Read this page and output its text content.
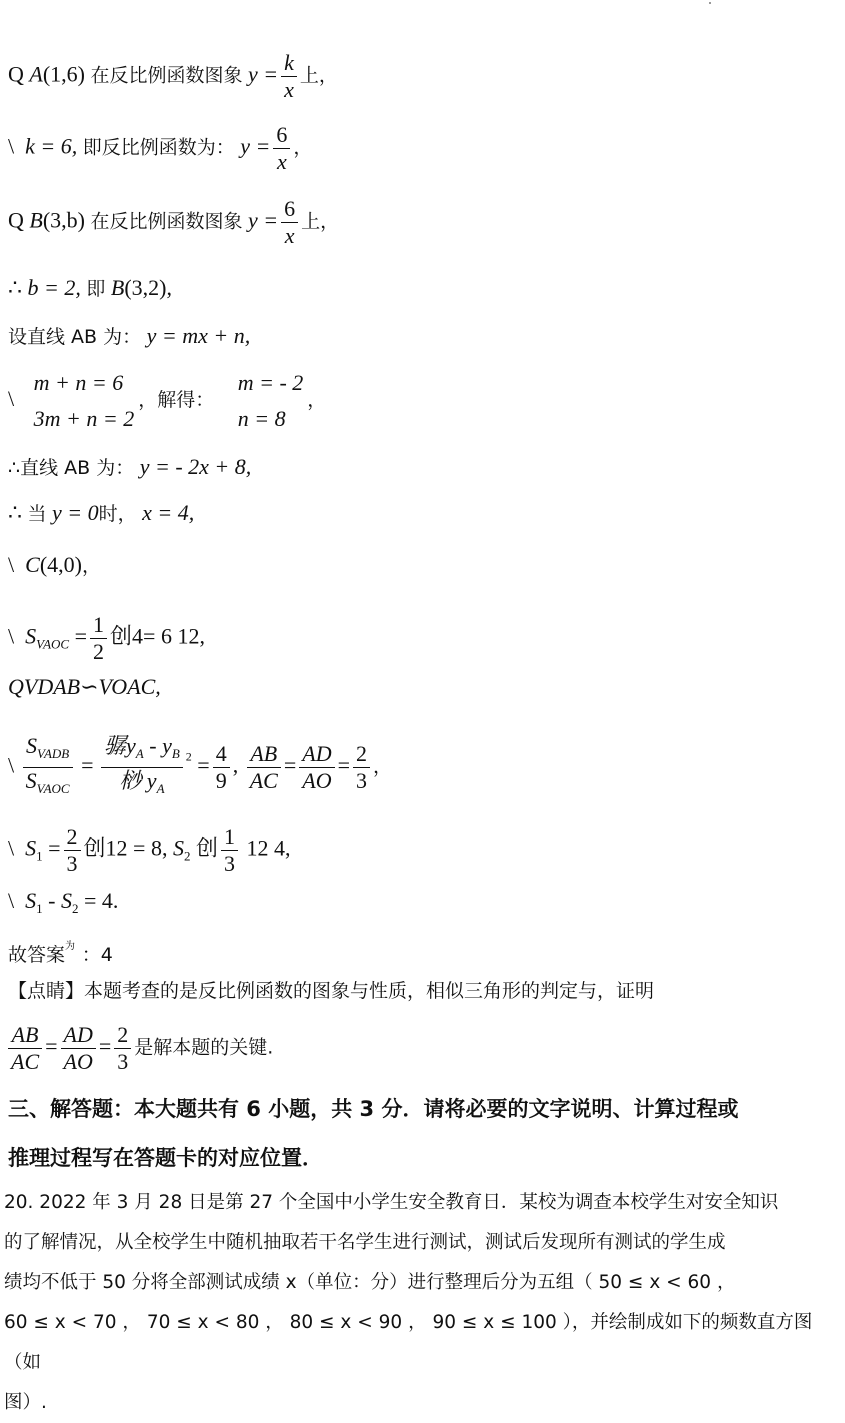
Q A(1,6) 在反比例函数图象 $y = \frac{k}{x}$ 上，
\ k = 6, 即反比例函数为： $y = \frac{6}{x}$ ，
Q B(3,b) 在反比例函数图象 $y = \frac{6}{x}$ 上，
∴ b = 2, 即 B(3,2),
设直线 AB 为： y = mx + n,
\
m + n = 6
3m + n = 2
，解得：
m = - 2
n = 8
，
∴直线 AB 为： y = - 2x + 8,
∴ 当 y = 0时， x = 4,
\ C(4,0)，
\ $S_{VAOC} = \frac{1}{2}$ 创4= 6 12,
QVDAB∽VOAC,
\ $\frac{S_{VADB}}{S_{VAOC}} = \frac{骣y_A - y_B}{桫 y_A} ^2 = \frac{4}{9}$ , $\frac{AB}{AC} = \frac{AD}{AO} = \frac{2}{3}$ ，
\ $S_1 = \frac{2}{3}$ 创12 = 8, $S_2$ 创 $\frac{1}{3} 12$ 4,
\ $S_1 - S_2 = 4$.
故答案$^为$ ：4
【点睛】本题考查的是反比例函数的图象与性质，相似三角形的判定与，证明
$\frac{AB}{AC} = \frac{AD}{AO} = \frac{2}{3}$ 是解本题的关键.
三、解答题：本大题共有 6 小题，共 3 分．请将必要的文字说明、计算过程或
推理过程写在答题卡的对应位置．
20. 2022 年 3 月 28 日是第 27 个全国中小学生安全教育日．某校为调查本校学生对安全知识
的了解情况，从全校学生中随机抽取若干名学生进行测试，测试后发现所有测试的学生成
绩均不低于 50 分将全部测试成绩 x（单位：分）进行整理后分为五组（ 50 ≤ x < 60 ，
60 ≤ x < 70 ， 70 ≤ x < 80 ， 80 ≤ x < 90 ， 90 ≤ x ≤ 100 ），并绘制成如下的频数直方图（如
图）.
